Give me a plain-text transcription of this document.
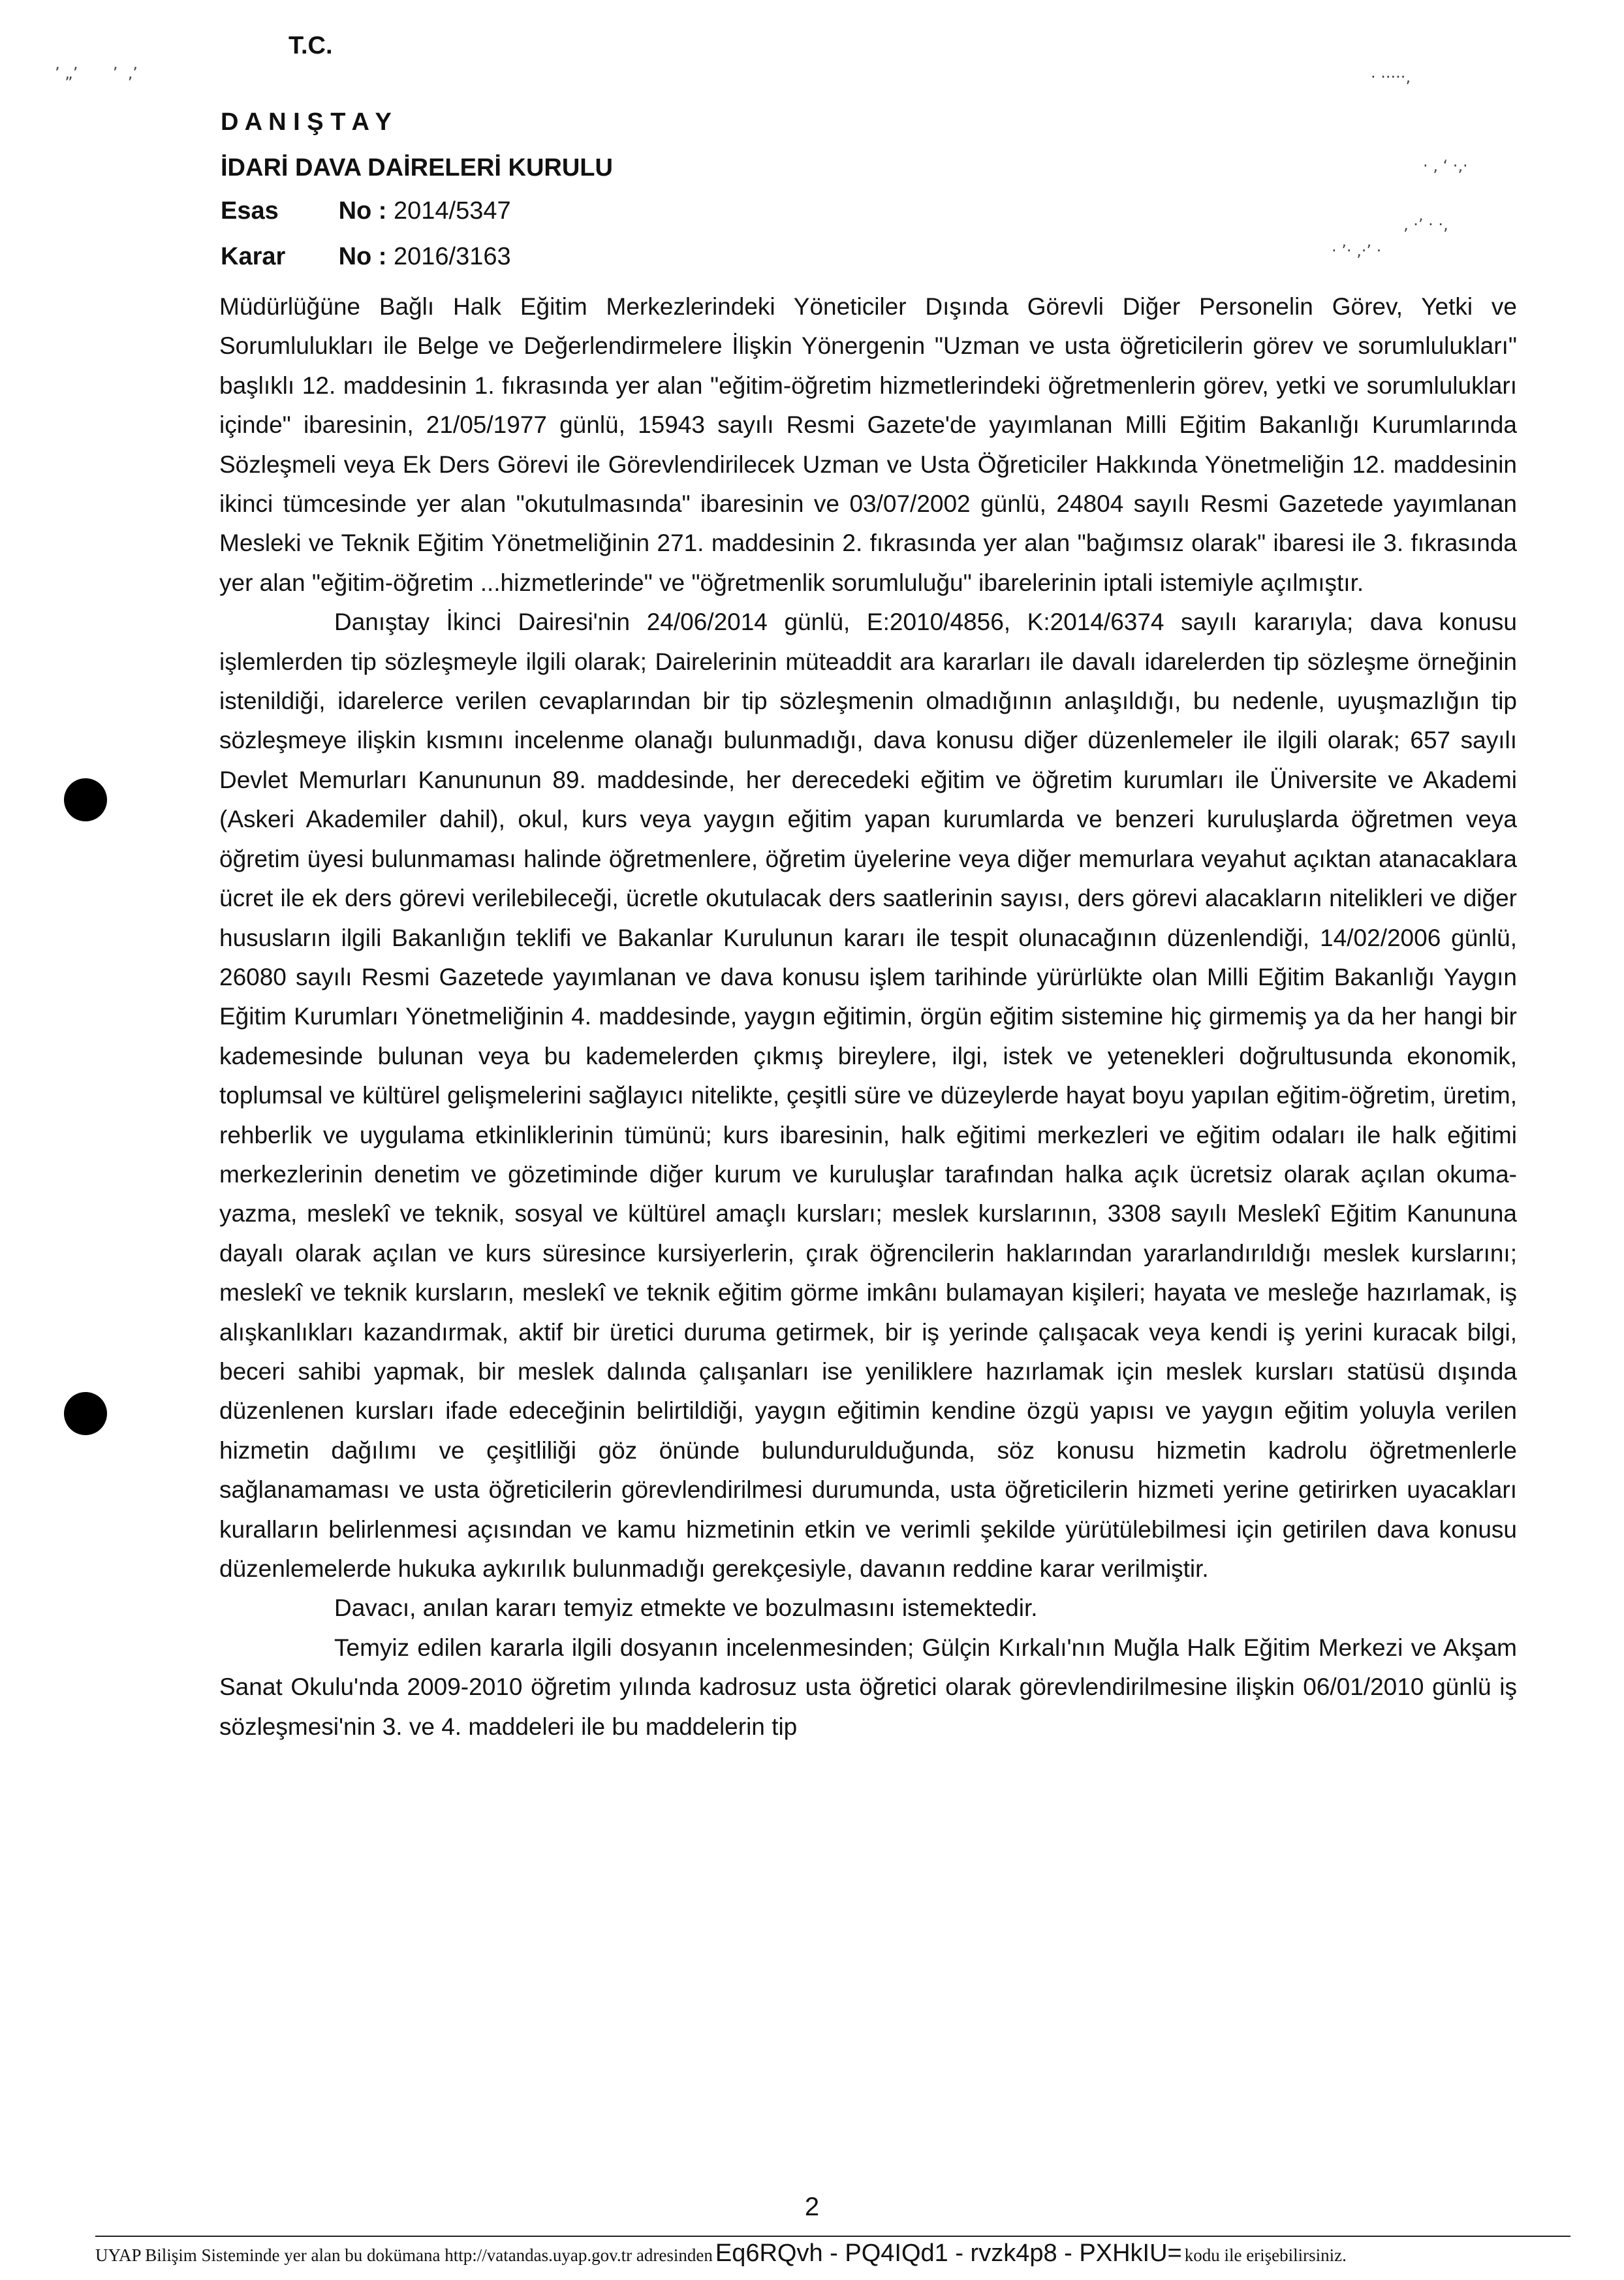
’ „’       ’  ‚’	· ·····‚
· ‚ ‘ ·‚·
‚ ·’ · ·‚
· ’· ‚·’ ·
T.C.
D A N I Ş T A Y
İDARİ DAVA DAİRELERİ KURULU
Esas No : 2014/5347
Karar No : 2016/3163

Müdürlüğüne Bağlı Halk Eğitim Merkezlerindeki Yöneticiler Dışında Görevli Diğer Personelin Görev, Yetki ve Sorumlulukları ile Belge ve Değerlendirmelere İlişkin Yönergenin "Uzman ve usta öğreticilerin görev ve sorumlulukları" başlıklı 12. maddesinin 1. fıkrasında yer alan "eğitim-öğretim hizmetlerindeki öğretmenlerin görev, yetki ve sorumlulukları içinde" ibaresinin, 21/05/1977 günlü, 15943 sayılı Resmi Gazete'de yayımlanan Milli Eğitim Bakanlığı Kurumlarında Sözleşmeli veya Ek Ders Görevi ile Görevlendirilecek Uzman ve Usta Öğreticiler Hakkında Yönetmeliğin 12. maddesinin ikinci tümcesinde yer alan "okutulmasında" ibaresinin ve 03/07/2002 günlü, 24804 sayılı Resmi Gazetede yayımlanan Mesleki ve Teknik Eğitim Yönetmeliğinin 271. maddesinin 2. fıkrasında yer alan "bağımsız olarak" ibaresi ile 3. fıkrasında yer alan "eğitim-öğretim ...hizmetlerinde" ve "öğretmenlik sorumluluğu" ibarelerinin iptali istemiyle açılmıştır.

Danıştay İkinci Dairesi'nin 24/06/2014 günlü, E:2010/4856, K:2014/6374 sayılı kararıyla; dava konusu işlemlerden tip sözleşmeyle ilgili olarak; Dairelerinin müteaddit ara kararları ile davalı idarelerden tip sözleşme örneğinin istenildiği, idarelerce verilen cevaplarından bir tip sözleşmenin olmadığının anlaşıldığı, bu nedenle, uyuşmazlığın tip sözleşmeye ilişkin kısmını incelenme olanağı bulunmadığı, dava konusu diğer düzenlemeler ile ilgili olarak; 657 sayılı Devlet Memurları Kanununun 89. maddesinde, her derecedeki eğitim ve öğretim kurumları ile Üniversite ve Akademi (Askeri Akademiler dahil), okul, kurs veya yaygın eğitim yapan kurumlarda ve benzeri kuruluşlarda öğretmen veya öğretim üyesi bulunmaması halinde öğretmenlere, öğretim üyelerine veya diğer memurlara veyahut açıktan atanacaklara ücret ile ek ders görevi verilebileceği, ücretle okutulacak ders saatlerinin sayısı, ders görevi alacakların nitelikleri ve diğer hususların ilgili Bakanlığın teklifi ve Bakanlar Kurulunun kararı ile tespit olunacağının düzenlendiği, 14/02/2006 günlü, 26080 sayılı Resmi Gazetede yayımlanan ve dava konusu işlem tarihinde yürürlükte olan Milli Eğitim Bakanlığı Yaygın Eğitim Kurumları Yönetmeliğinin 4. maddesinde, yaygın eğitimin, örgün eğitim sistemine hiç girmemiş ya da her hangi bir kademesinde bulunan veya bu kademelerden çıkmış bireylere, ilgi, istek ve yetenekleri doğrultusunda ekonomik, toplumsal ve kültürel gelişmelerini sağlayıcı nitelikte, çeşitli süre ve düzeylerde hayat boyu yapılan eğitim-öğretim, üretim, rehberlik ve uygulama etkinliklerinin tümünü; kurs ibaresinin, halk eğitimi merkezleri ve eğitim odaları ile halk eğitimi merkezlerinin denetim ve gözetiminde diğer kurum ve kuruluşlar tarafından halka açık ücretsiz olarak açılan okuma-yazma, meslekî ve teknik, sosyal ve kültürel amaçlı kursları; meslek kurslarının, 3308 sayılı Meslekî Eğitim Kanununa dayalı olarak açılan ve kurs süresince kursiyerlerin, çırak öğrencilerin haklarından yararlandırıldığı meslek kurslarını; meslekî ve teknik kursların, meslekî ve teknik eğitim görme imkânı bulamayan kişileri; hayata ve mesleğe hazırlamak, iş alışkanlıkları kazandırmak, aktif bir üretici duruma getirmek, bir iş yerinde çalışacak veya kendi iş yerini kuracak bilgi, beceri sahibi yapmak, bir meslek dalında çalışanları ise yeniliklere hazırlamak için meslek kursları statüsü dışında düzenlenen kursları ifade edeceğinin belirtildiği, yaygın eğitimin kendine özgü yapısı ve yaygın eğitim yoluyla verilen hizmetin dağılımı ve çeşitliliği göz önünde bulundurulduğunda, söz konusu hizmetin kadrolu öğretmenlerle sağlanamaması ve usta öğreticilerin görevlendirilmesi durumunda, usta öğreticilerin hizmeti yerine getirirken uyacakları kuralların belirlenmesi açısından ve kamu hizmetinin etkin ve verimli şekilde yürütülebilmesi için getirilen dava konusu düzenlemelerde hukuka aykırılık bulunmadığı gerekçesiyle, davanın reddine karar verilmiştir.

Davacı, anılan kararı temyiz etmekte ve bozulmasını istemektedir.

Temyiz edilen kararla ilgili dosyanın incelenmesinden; Gülçin Kırkalı'nın Muğla Halk Eğitim Merkezi ve Akşam Sanat Okulu'nda 2009-2010 öğretim yılında kadrosuz usta öğretici olarak görevlendirilmesine ilişkin 06/01/2010 günlü iş sözleşmesi'nin 3. ve 4. maddeleri ile bu maddelerin tip

2
UYAP Bilişim Sisteminde yer alan bu dokümana http://vatandas.uyap.gov.tr adresinden Eq6RQvh - PQ4IQd1 - rvzk4p8 - PXHkIU= kodu ile erişebilirsiniz.
